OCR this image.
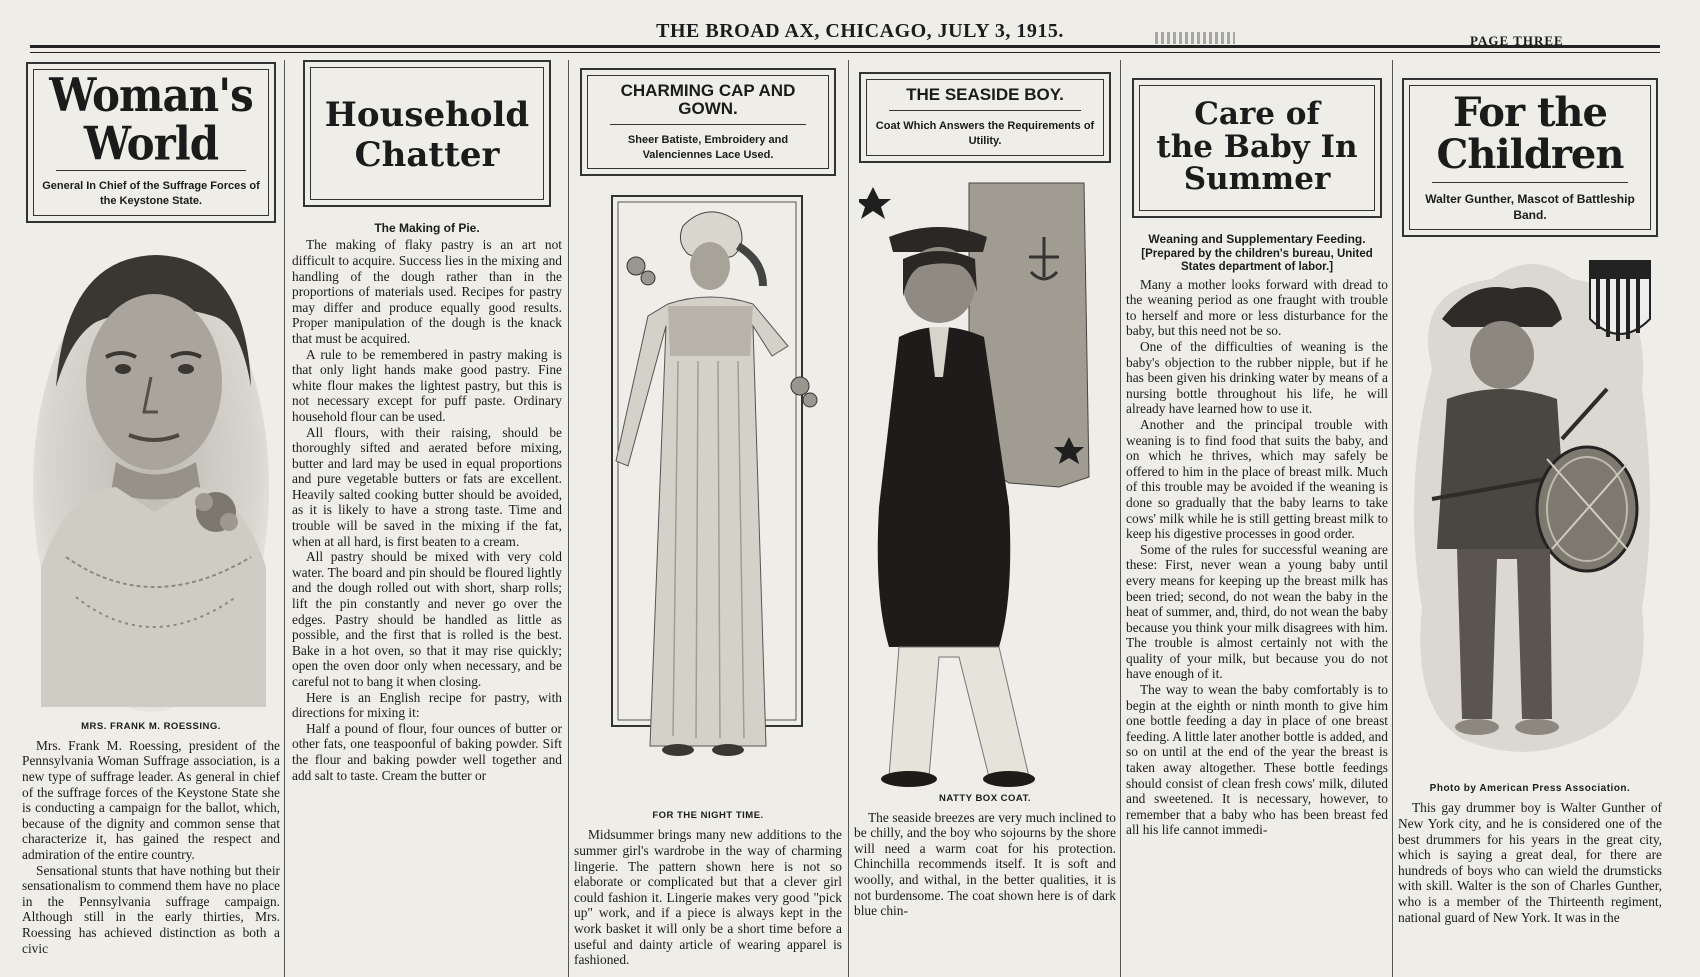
THE BROAD AX, CHICAGO, JULY 3, 1915.	PAGE THREE
Woman's World
General In Chief of the Suffrage Forces of the Keystone State.
MRS. FRANK M. ROESSING.

Mrs. Frank M. Roessing, president of the Pennsylvania Woman Suffrage association, is a new type of suffrage leader. As general in chief of the suffrage forces of the Keystone State she is conducting a campaign for the ballot, which, because of the dignity and common sense that characterize it, has gained the respect and admiration of the entire country.

Sensational stunts that have nothing but their sensationalism to commend them have no place in the Pennsylvania suffrage campaign. Although still in the early thirties, Mrs. Roessing has achieved distinction as both a civic

Household
Chatter
The Making of Pie.

The making of flaky pastry is an art not difficult to acquire. Success lies in the mixing and handling of the dough rather than in the proportions of materials used. Recipes for pastry may differ and produce equally good results. Proper manipulation of the dough is the knack that must be acquired.

A rule to be remembered in pastry making is that only light hands make good pastry. Fine white flour makes the lightest pastry, but this is not necessary except for puff paste. Ordinary household flour can be used.

All flours, with their raising, should be thoroughly sifted and aerated before mixing, butter and lard may be used in equal proportions and pure vegetable butters or fats are excellent. Heavily salted cooking butter should be avoided, as it is likely to have a strong taste. Time and trouble will be saved in the mixing if the fat, when at all hard, is first beaten to a cream.

All pastry should be mixed with very cold water. The board and pin should be floured lightly and the dough rolled out with short, sharp rolls; lift the pin constantly and never go over the edges. Pastry should be handled as little as possible, and the first that is rolled is the best. Bake in a hot oven, so that it may rise quickly; open the oven door only when necessary, and be careful not to bang it when closing.

Here is an English recipe for pastry, with directions for mixing it:

Half a pound of flour, four ounces of butter or other fats, one teaspoonful of baking powder. Sift the flour and baking powder well together and add salt to taste. Cream the butter or

CHARMING CAP AND GOWN.
Sheer Batiste, Embroidery and Valenciennes Lace Used.
FOR THE NIGHT TIME.

Midsummer brings many new additions to the summer girl's wardrobe in the way of charming lingerie. The pattern shown here is not so elaborate or complicated but that a clever girl could fashion it. Lingerie makes very good "pick up" work, and if a piece is always kept in the work basket it will only be a short time before a useful and dainty article of wearing apparel is fashioned.

THE SEASIDE BOY.
Coat Which Answers the Requirements of Utility.
NATTY BOX COAT.

The seaside breezes are very much inclined to be chilly, and the boy who sojourns by the shore will need a warm coat for his protection. Chinchilla recommends itself. It is soft and woolly, and withal, in the better qualities, it is not burdensome. The coat shown here is of dark blue chin-

Care of
the Baby In
Summer
Weaning and Supplementary Feeding.
[Prepared by the children's bureau, United States department of labor.]

Many a mother looks forward with dread to the weaning period as one fraught with trouble to herself and more or less disturbance for the baby, but this need not be so.

One of the difficulties of weaning is the baby's objection to the rubber nipple, but if he has been given his drinking water by means of a nursing bottle throughout his life, he will already have learned how to use it.

Another and the principal trouble with weaning is to find food that suits the baby, and on which he thrives, which may safely be offered to him in the place of breast milk. Much of this trouble may be avoided if the weaning is done so gradually that the baby learns to take cows' milk while he is still getting breast milk to keep his digestive processes in good order.

Some of the rules for successful weaning are these: First, never wean a young baby until every means for keeping up the breast milk has been tried; second, do not wean the baby in the heat of summer, and, third, do not wean the baby because you think your milk disagrees with him. The trouble is almost certainly not with the quality of your milk, but because you do not have enough of it.

The way to wean the baby comfortably is to begin at the eighth or ninth month to give him one bottle feeding a day in place of one breast feeding. A little later another bottle is added, and so on until at the end of the year the breast is taken away altogether. These bottle feedings should consist of clean fresh cows' milk, diluted and sweetened. It is necessary, however, to remember that a baby who has been breast fed all his life cannot immedi-

For the Children
Walter Gunther, Mascot of Battleship Band.
Photo by American Press Association.

This gay drummer boy is Walter Gunther of New York city, and he is considered one of the best drummers for his years in the great city, which is saying a great deal, for there are hundreds of boys who can wield the drumsticks with skill. Walter is the son of Charles Gunther, who is a member of the Thirteenth regiment, national guard of New York. It was in the
